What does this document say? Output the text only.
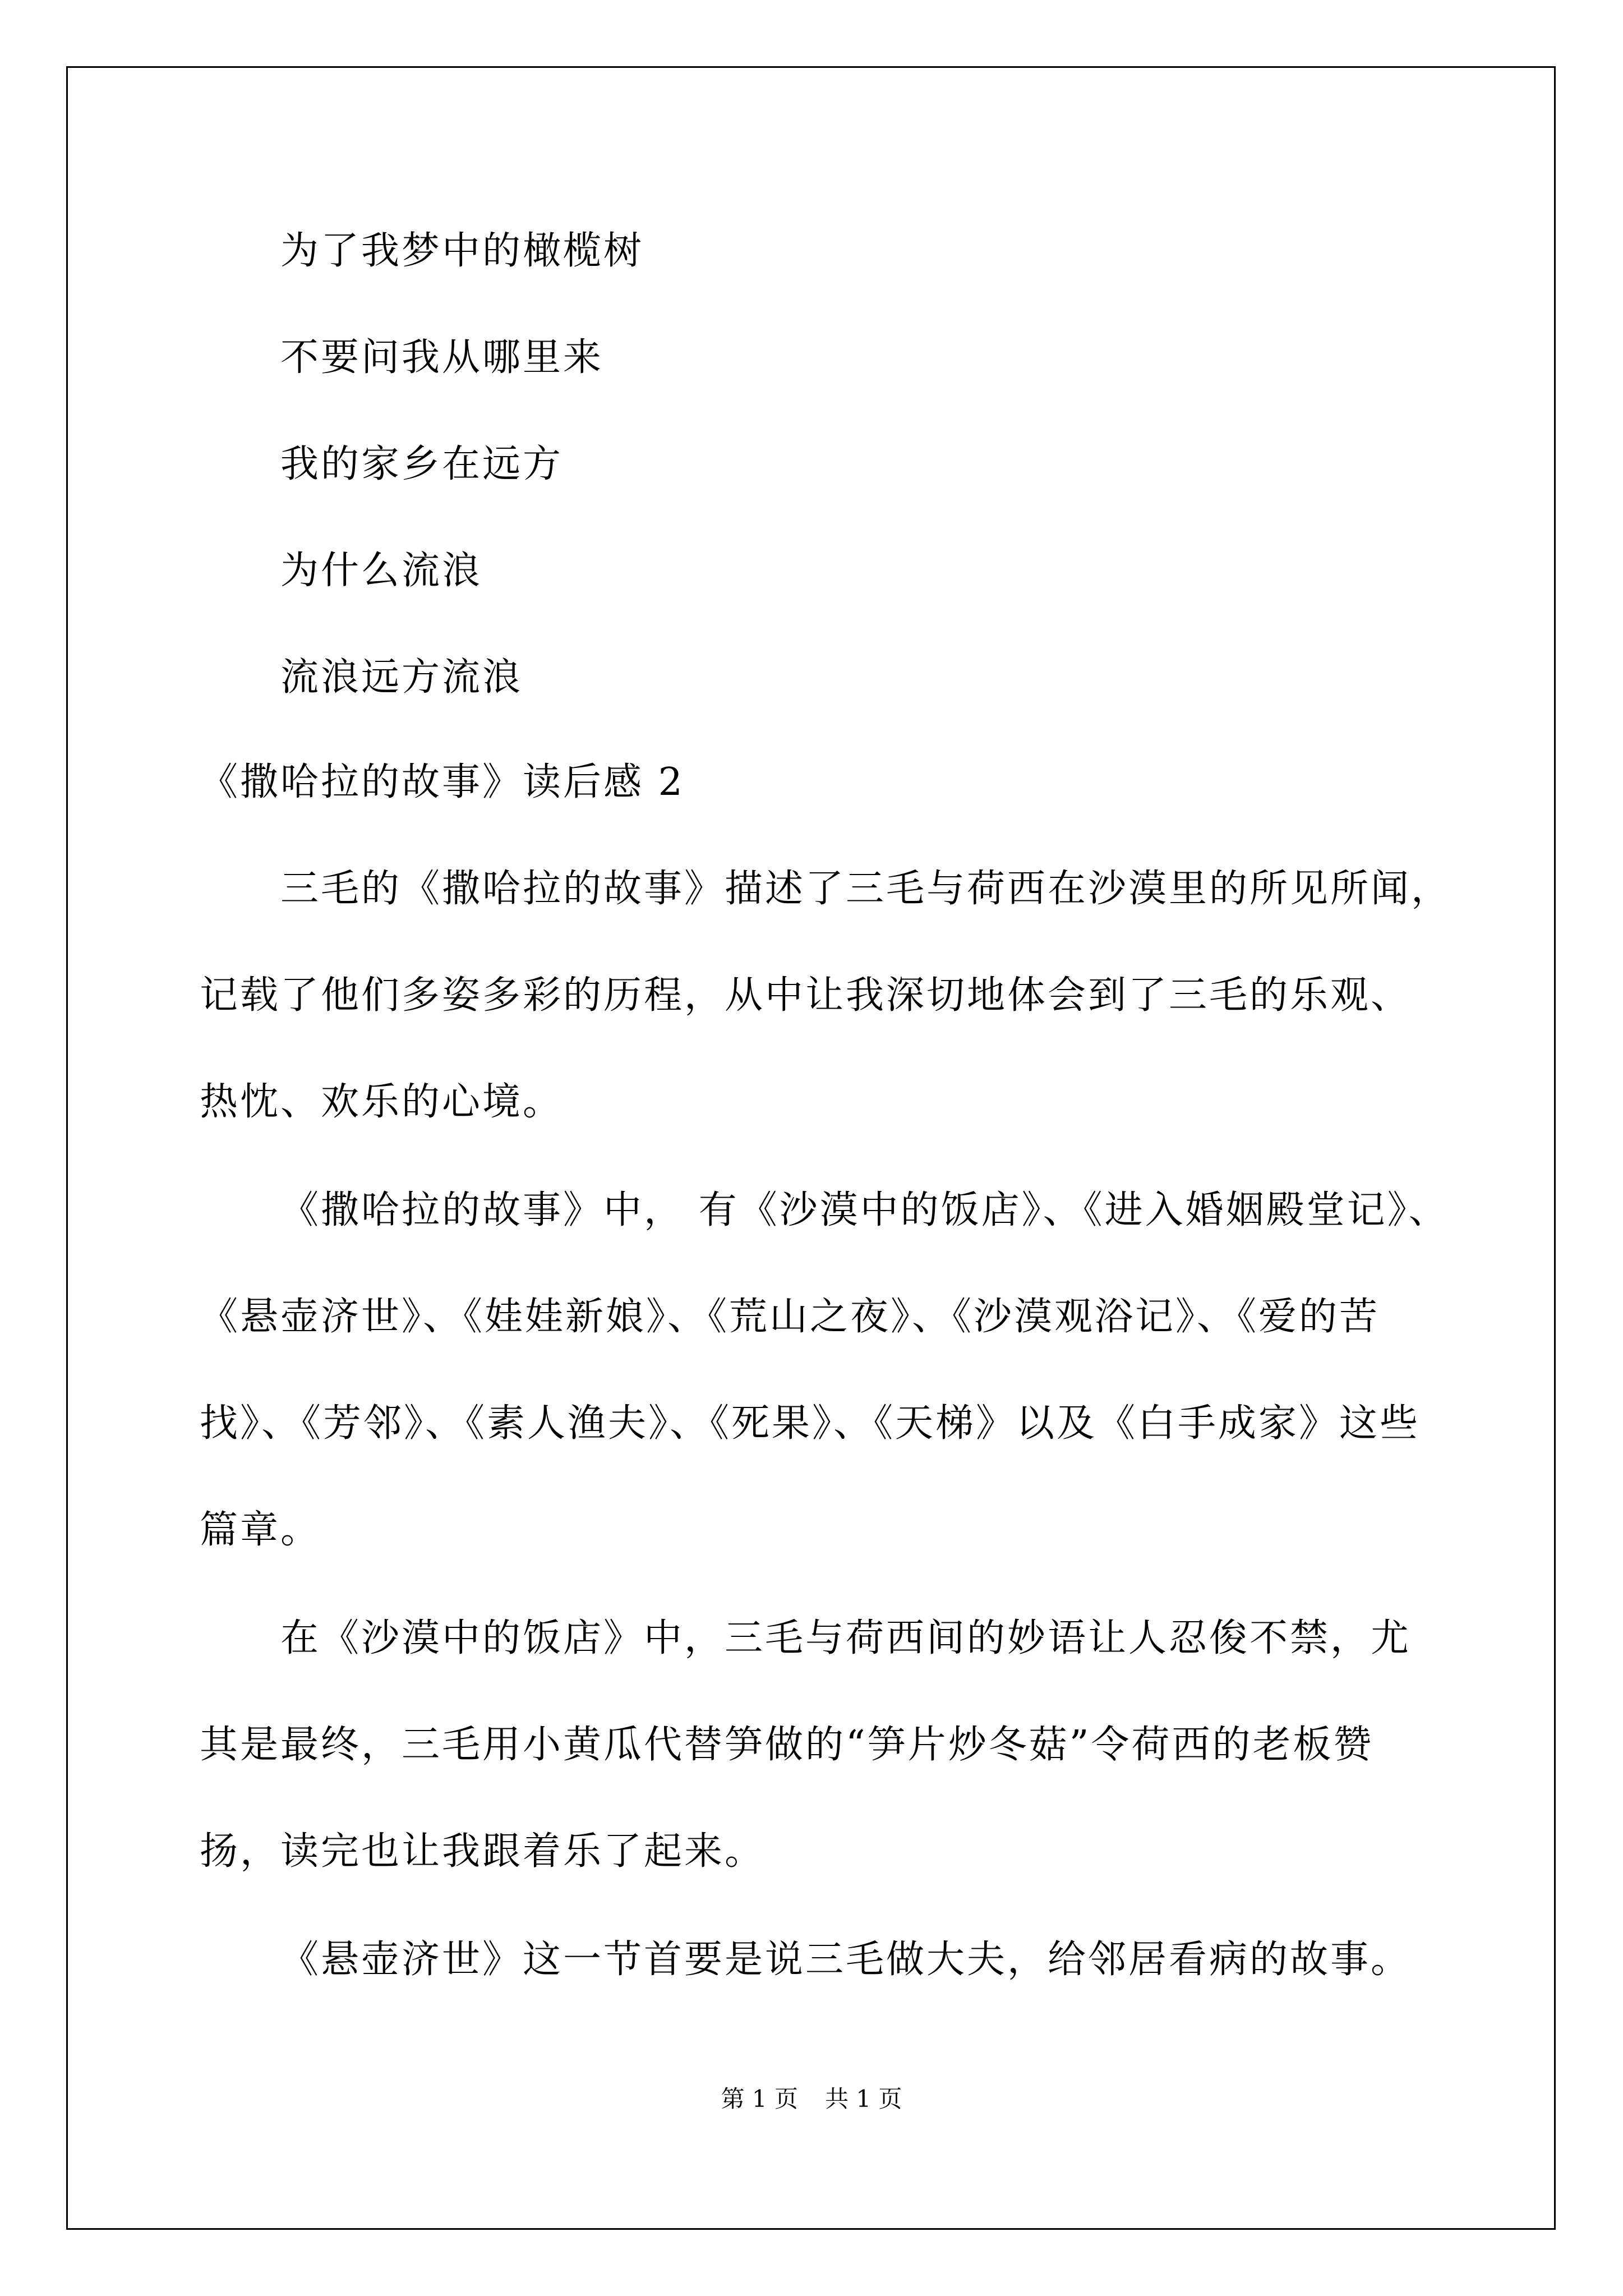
为了我梦中的橄榄树
不要问我从哪里来
我的家乡在远方
为什么流浪
流浪远方流浪
《撒哈拉的故事》读后感 2
三毛的《撒哈拉的故事》描述了三毛与荷西在沙漠里的所见所闻，
记载了他们多姿多彩的历程，从中让我深切地体会到了三毛的乐观、
热忱、欢乐的心境。
《撒哈拉的故事》中， 有《沙漠中的饭店》、《进入婚姻殿堂记》、
《悬壶济世》、《娃娃新娘》、《荒山之夜》、《沙漠观浴记》、《爱的苦
找》、《芳邻》、《素人渔夫》、《死果》、《天梯》以及《白手成家》这些
篇章。
在《沙漠中的饭店》中，三毛与荷西间的妙语让人忍俊不禁，尤
其是最终，三毛用小黄瓜代替笋做的“笋片炒冬菇”令荷西的老板赞
扬，读完也让我跟着乐了起来。
《悬壶济世》这一节首要是说三毛做大夫，给邻居看病的故事。
第 1 页 共 1 页
